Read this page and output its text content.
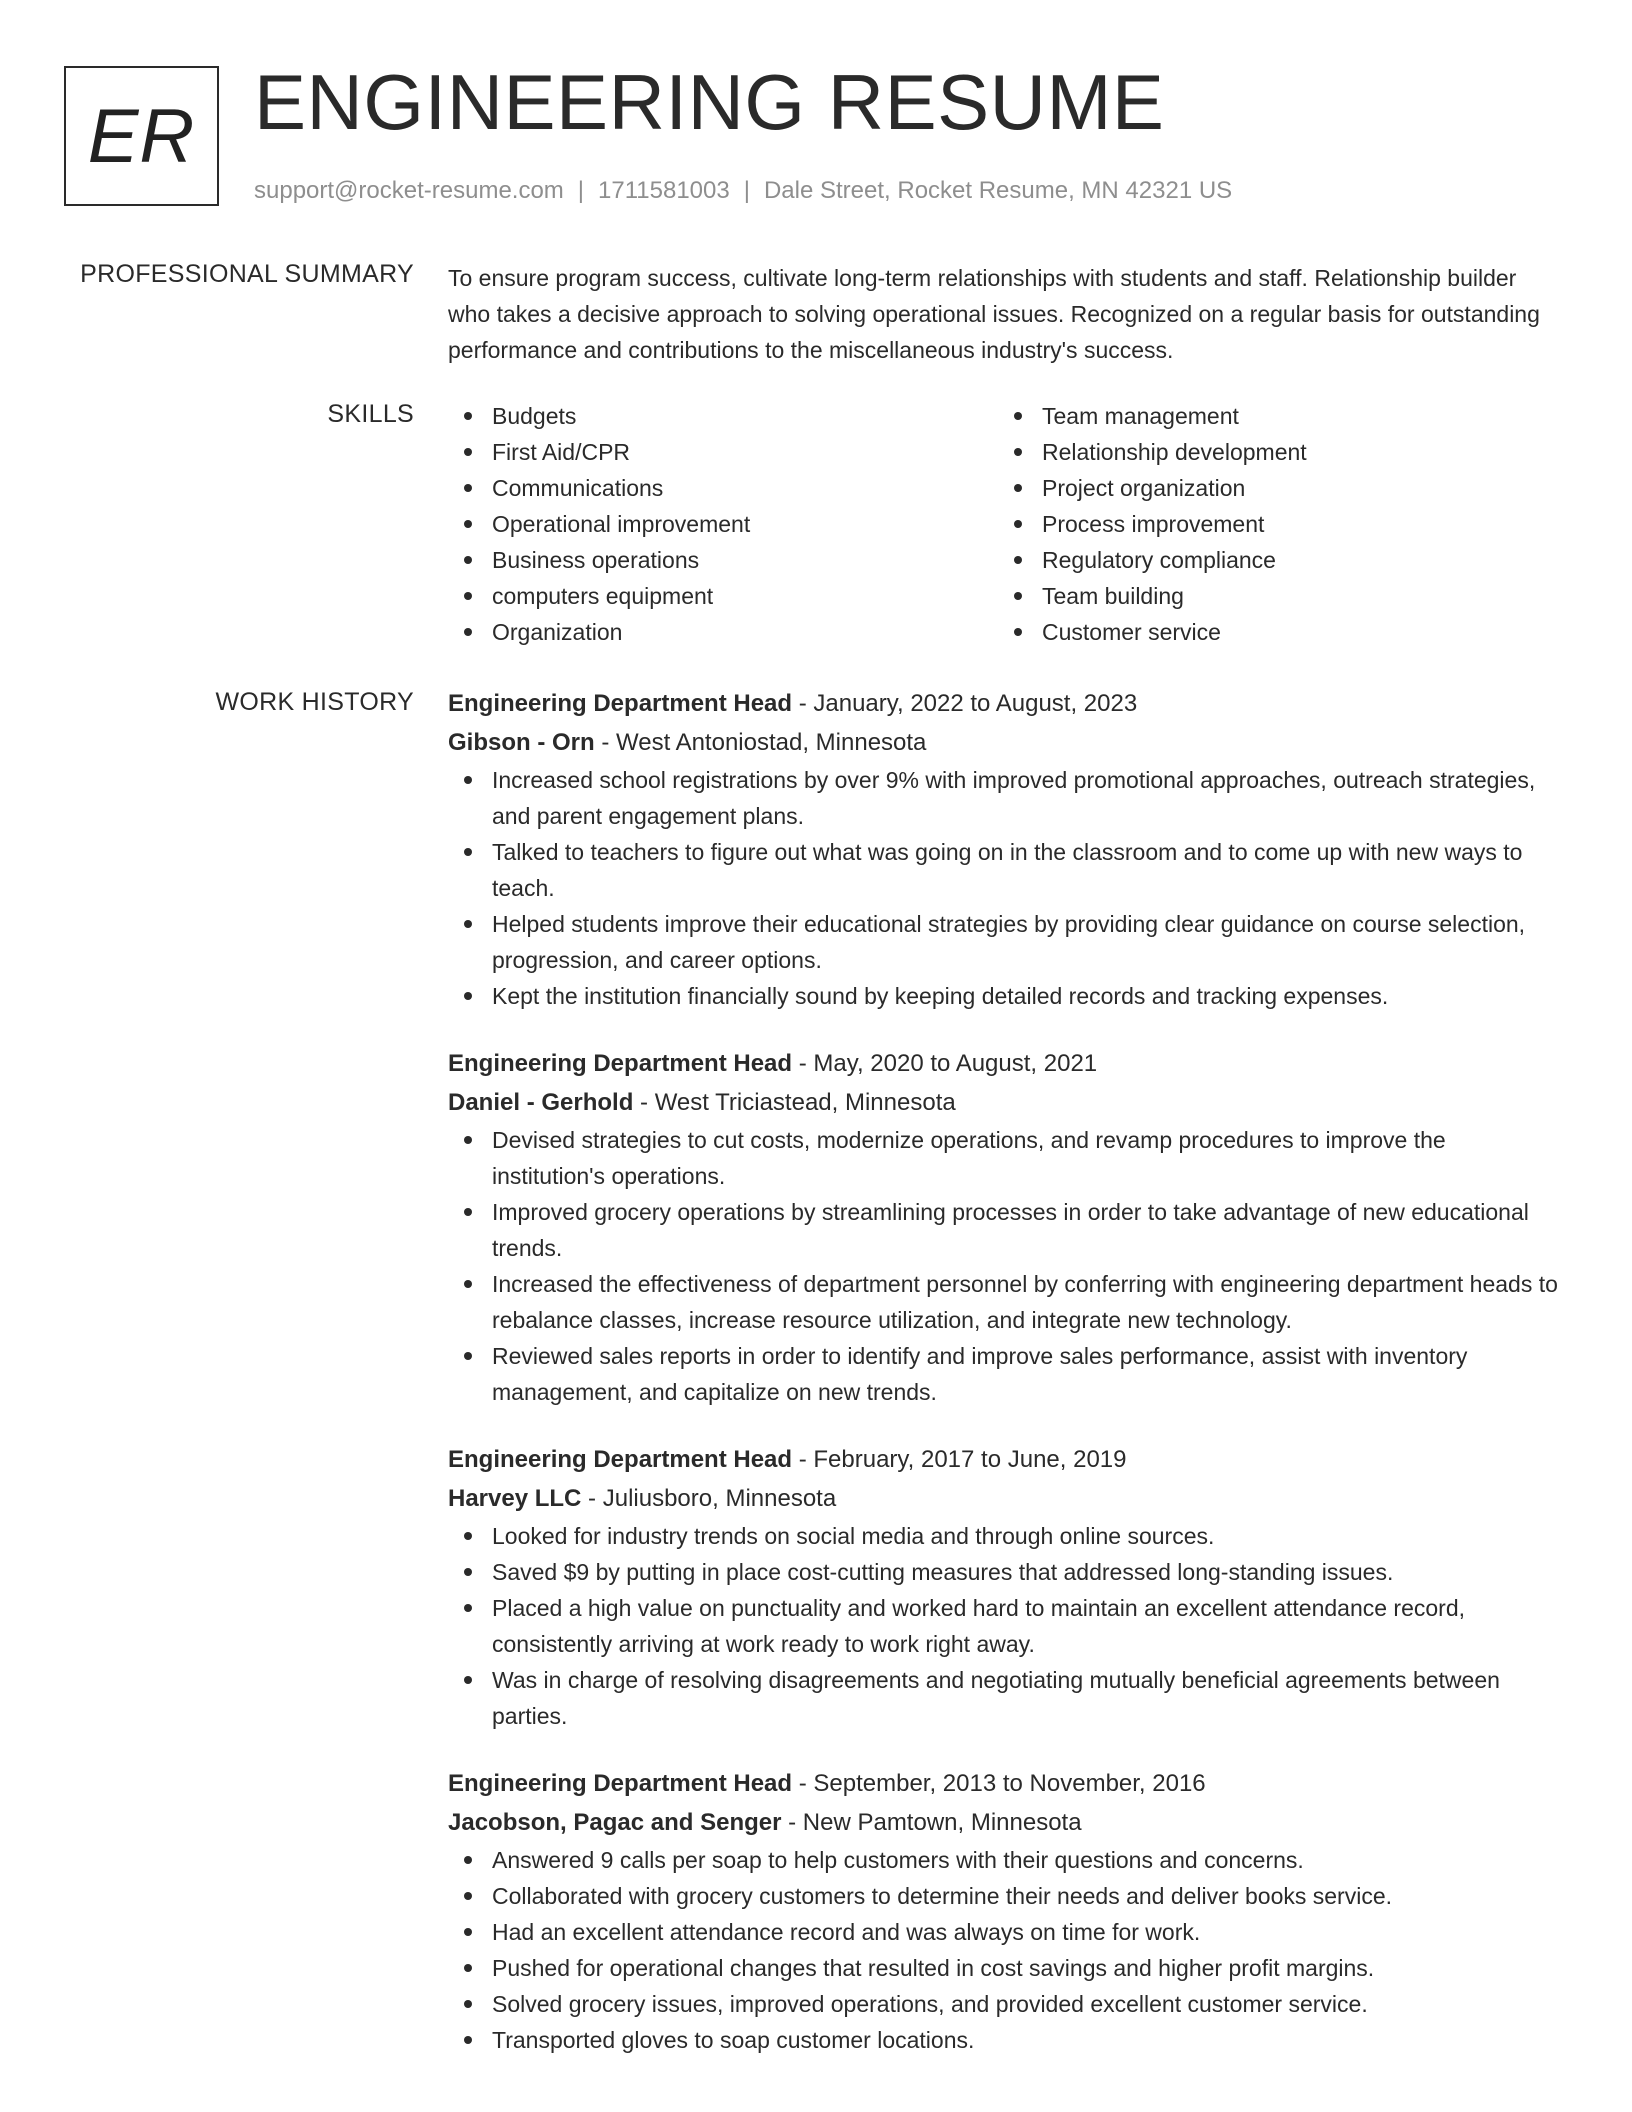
ER ENGINEERING RESUME
support@rocket-resume.com | 1711581003 | Dale Street, Rocket Resume, MN 42321 US
PROFESSIONAL SUMMARY To ensure program success, cultivate long-term relationships with students and staff. Relationship builder who takes a decisive approach to solving operational issues. Recognized on a regular basis for outstanding performance and contributions to the miscellaneous industry's success.

SKILLS	Budgets
First Aid/CPR
Communications
Operational improvement
Business operations
computers equipment
Organization
Team management
Relationship development
Project organization
Process improvement
Regulatory compliance
Team building
Customer service
WORK HISTORY Engineering Department Head - January, 2022 to August, 2023
Gibson - Orn - West Antoniostad, Minnesota
Increased school registrations by over 9% with improved promotional approaches, outreach strategies, and parent engagement plans.
Talked to teachers to figure out what was going on in the classroom and to come up with new ways to teach.
Helped students improve their educational strategies by providing clear guidance on course selection, progression, and career options.
Kept the institution financially sound by keeping detailed records and tracking expenses.
Engineering Department Head - May, 2020 to August, 2021
Daniel - Gerhold - West Triciastead, Minnesota
Devised strategies to cut costs, modernize operations, and revamp procedures to improve the institution's operations.
Improved grocery operations by streamlining processes in order to take advantage of new educational trends.
Increased the effectiveness of department personnel by conferring with engineering department heads to rebalance classes, increase resource utilization, and integrate new technology.
Reviewed sales reports in order to identify and improve sales performance, assist with inventory management, and capitalize on new trends.
Engineering Department Head - February, 2017 to June, 2019
Harvey LLC - Juliusboro, Minnesota
Looked for industry trends on social media and through online sources.
Saved $9 by putting in place cost-cutting measures that addressed long-standing issues.
Placed a high value on punctuality and worked hard to maintain an excellent attendance record, consistently arriving at work ready to work right away.
Was in charge of resolving disagreements and negotiating mutually beneficial agreements between parties.
Engineering Department Head - September, 2013 to November, 2016
Jacobson, Pagac and Senger - New Pamtown, Minnesota
Answered 9 calls per soap to help customers with their questions and concerns.
Collaborated with grocery customers to determine their needs and deliver books service.
Had an excellent attendance record and was always on time for work.
Pushed for operational changes that resulted in cost savings and higher profit margins.
Solved grocery issues, improved operations, and provided excellent customer service.
Transported gloves to soap customer locations.
